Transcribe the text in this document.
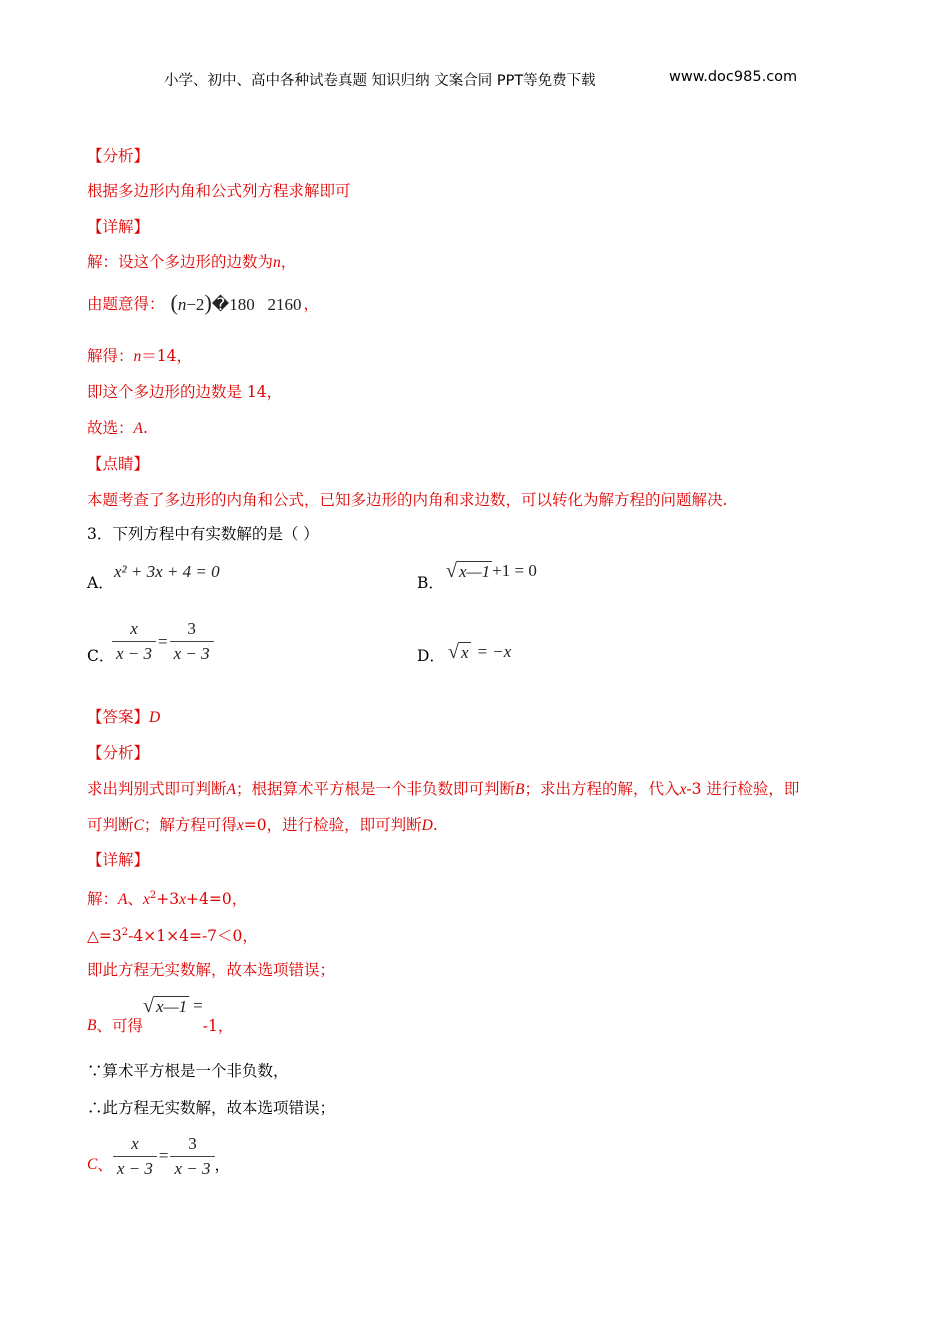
小学、初中、高中各种试卷真题 知识归纳 文案合同 PPT等免费下载	www.doc985.com
【分析】
根据多边形内角和公式列方程求解即可
【详解】
解：设这个多边形的边数为n，
由题意得： (n−2)�180   2160 ，
解得：n＝14，
即这个多边形的边数是 14，
故选：A.
【点睛】
本题考查了多边形的内角和公式，已知多边形的内角和求边数，可以转化为解方程的问题解决.
3．下列方程中有实数解的是（ ）
A．
x² + 3x + 4 = 0
B．
√ x—1 +1 = 0
C．
$\frac{x}{x - 3} = \frac{3}{x - 3}$	D． √ x = −x
【答案】D
【分析】
求出判别式即可判断A；根据算术平方根是一个非负数即可判断B；求出方程的解，代入x-3 进行检验，即
可判断C；解方程可得x=0，进行检验，即可判断D.
【详解】
解：A、$x^2+3x+4=0$，
$\triangle=3^2-4\times 1\times 4=-7<0$，
即此方程无实数解，故本选项错误；
B 、可得
√ x—1 =
-1，
∵算术平方根是一个非负数，
∴此方程无实数解，故本选项错误；
C 、 $\frac{x}{x - 3} = \frac{3}{x - 3}$ ，
